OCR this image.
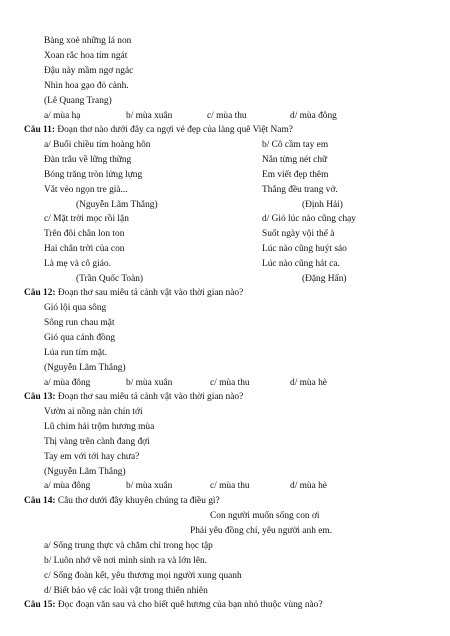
Bàng xoè những lá non
Xoan rắc hoa tím ngát
Đậu này mầm ngơ ngác
Nhìn hoa gạo đỏ cành.
(Lê Quang Trang)
a/ mùa hạ	b/ mùa xuân	c/ mùa thu	d/ mùa đông
Câu 11: Đoạn thơ nào dưới đây ca ngợi vẻ đẹp của làng quê Việt Nam?
a/ Buổi chiều tím hoàng hôn
Đàn trâu về lững thững
Bóng trăng tròn lửng lựng
Vắt vẻo ngọn tre già...
(Nguyễn Lãm Thắng)
b/ Cô cầm tay em
Nắn từng nét chữ
Em viết đẹp thêm
Thẳng đều trang vở.
(Định Hải)
c/ Mặt trời mọc rồi lặn
Trên đôi chân lon ton
Hai chân trời của con
Là mẹ và cô giáo.
(Trần Quốc Toàn)
d/ Gió lúc nào cũng chạy
Suốt ngày vội thế à
Lúc nào cũng huýt sáo
Lúc nào cũng hát ca.
(Đặng Hấn)
Câu 12: Đoạn thơ sau miêu tả cảnh vật vào thời gian nào?
Gió lội qua sông
Sông run chau mặt
Gió qua cánh đồng
Lúa run tím mặt.
(Nguyễn Lãm Thắng)
a/ mùa đông	b/ mùa xuân	c/ mùa thu	d/ mùa hè
Câu 13: Đoạn thơ sau miêu tả cảnh vật vào thời gian nào?
Vườn ai nồng nàn chín tới
Lũ chim hái trộm hương mùa
Thị vàng trên cành đang đợi
Tay em với tới hay chưa?
(Nguyễn Lãm Thắng)
a/ mùa đông	b/ mùa xuân	c/ mùa thu	d/ mùa hè
Câu 14: Câu thơ dưới đây khuyên chúng ta điều gì?
Con người muốn sống con ơi
Phải yêu đồng chí, yêu người anh em.
a/ Sống trung thực và chăm chỉ trong học tập
b/ Luôn nhớ về nơi mình sinh ra và lớn lên.
c/ Sống đoàn kết, yêu thương mọi người xung quanh
d/ Biết bảo vệ các loài vật trong thiên nhiên
Câu 15: Đọc đoạn văn sau và cho biết quê hương của bạn nhỏ thuộc vùng nào?
